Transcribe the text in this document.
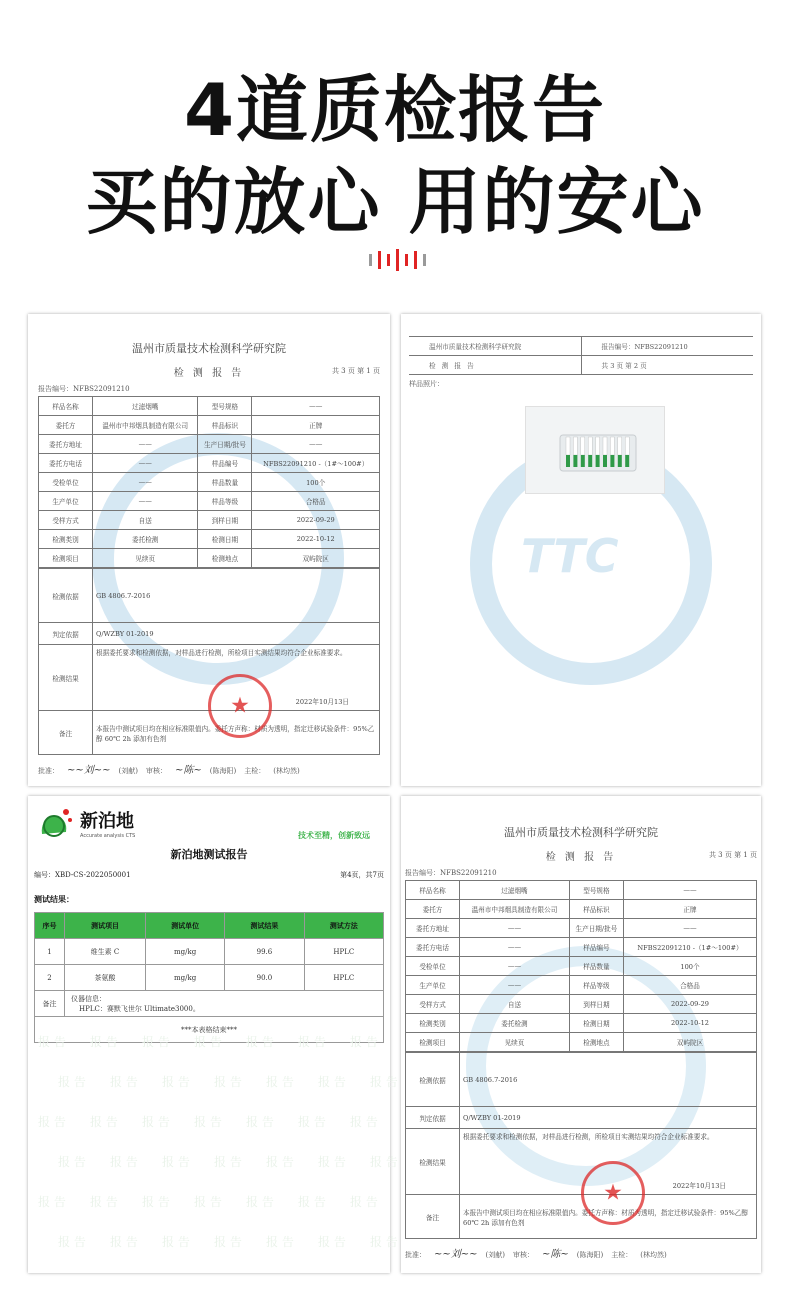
4道质检报告
买的放心 用的安心
温州市质量技术检测科学研究院
检 测 报 告	共 3 页 第 1 页
报告编号：NFBS22091210
样品名称	过滤烟嘴	型号规格	——
委托方	温州市中邦烟具制造有限公司	样品标识	正牌
委托方地址	——	生产日期/批号	——
委托方电话	——	样品编号	NFBS22091210 -（1#～100#）
受检单位	——	样品数量	100个
生产单位	——	样品等级	合格品
受样方式	自送	到样日期	2022-09-29
检测类别	委托检测	检测日期	2022-10-12
检测项目	见续页	检测地点	双屿院区
检测依据	GB 4806.7-2016
判定依据	Q/WZBY 01-2019
检测结果	根据委托要求和检测依据，对样品进行检测，所检项目实测结果均符合企业标准要求。
2022年10月13日

备注	本报告中测试项目均在相应标准限值内。委托方声称：材质为透明，指定迁移试验条件：95%乙醇 60℃ 2h 添加有色剂
批准： ~~刘~~ (刘献) 审核： ~陈~ (陈海阳) 主检： (林均然)
★
TTC
温州市质量技术检测科学研究院	报告编号：NFBS22091210
检 测 报 告	共 3 页 第 2 页
样品照片：
新泊地
Accurate analysis CTS	技术至精，创新致远
新泊地测试报告
编号：XBD-CS-2022050001	第4页，共7页
测试结果：
序号	测试项目	测试单位	测试结果	测试方法
1	维生素 C	mg/kg	99.6	HPLC
2	茶氨酸	mg/kg	90.0	HPLC
备注	仪器信息：
HPLC：赛默飞世尔 Ultimate3000。			

***本表格结束***				
报 告 报 告 报 告 报 告 报 告 报 告 报 告
报 告 报 告 报 告 报 告 报 告 报 告 报 告
报 告 报 告 报 告 报 告 报 告 报 告 报 告
报 告 报 告 报 告 报 告 报 告 报 告 报 告
报 告 报 告 报 告 报 告 报 告 报 告 报 告
报 告 报 告 报 告 报 告 报 告 报 告 报 告
温州市质量技术检测科学研究院
检 测 报 告	共 3 页 第 1 页
报告编号：NFBS22091210
样品名称	过滤烟嘴	型号规格	——
委托方	温州市中邦烟具制造有限公司	样品标识	正牌
委托方地址	——	生产日期/批号	——
委托方电话	——	样品编号	NFBS22091210 -（1#～100#）
受检单位	——	样品数量	100个
生产单位	——	样品等级	合格品
受样方式	自送	到样日期	2022-09-29
检测类别	委托检测	检测日期	2022-10-12
检测项目	见续页	检测地点	双屿院区
检测依据	GB 4806.7-2016
判定依据	Q/WZBY 01-2019
检测结果	根据委托要求和检测依据，对样品进行检测，所检项目实测结果均符合企业标准要求。
2022年10月13日

备注	本报告中测试项目均在相应标准限值内。委托方声称：材质为透明，指定迁移试验条件：95%乙醇 60℃ 2h 添加有色剂
批准： ~~刘~~ (刘献) 审核： ~陈~ (陈海阳) 主检： (林均然)
★
